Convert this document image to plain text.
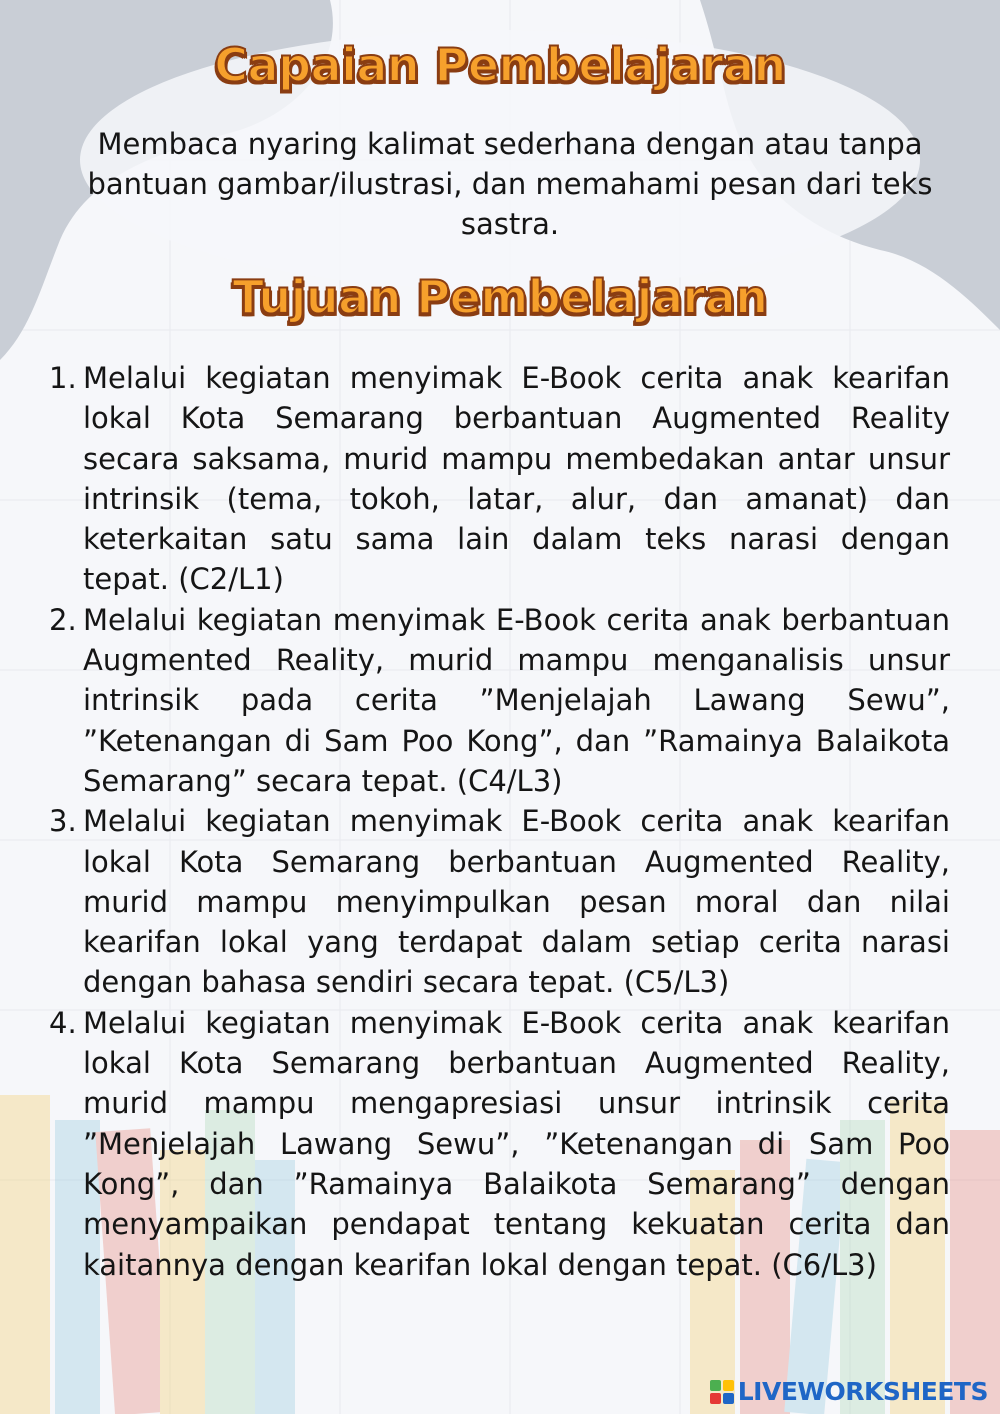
Capaian Pembelajaran

Membaca nyaring kalimat sederhana dengan atau tanpa bantuan gambar/ilustrasi, dan memahami pesan dari teks sastra.

Tujuan Pembelajaran
1. Melalui kegiatan menyimak E-Book cerita anak kearifan lokal Kota Semarang berbantuan Augmented Reality secara saksama, murid mampu membedakan antar unsur intrinsik (tema, tokoh, latar, alur, dan amanat) dan keterkaitan satu sama lain dalam teks narasi dengan tepat. (C2/L1)
2. Melalui kegiatan menyimak E-Book cerita anak berbantuan Augmented Reality, murid mampu menganalisis unsur intrinsik pada cerita ”Menjelajah Lawang Sewu”, ”Ketenangan di Sam Poo Kong”, dan ”Ramainya Balaikota Semarang” secara tepat. (C4/L3)
3. Melalui kegiatan menyimak E-Book cerita anak kearifan lokal Kota Semarang berbantuan Augmented Reality, murid mampu menyimpulkan pesan moral dan nilai kearifan lokal yang terdapat dalam setiap cerita narasi dengan bahasa sendiri secara tepat. (C5/L3)
4. Melalui kegiatan menyimak E-Book cerita anak kearifan lokal Kota Semarang berbantuan Augmented Reality, murid mampu mengapresiasi unsur intrinsik cerita ”Menjelajah Lawang Sewu”, ”Ketenangan di Sam Poo Kong”, dan ”Ramainya Balaikota Semarang” dengan menyampaikan pendapat tentang kekuatan cerita dan kaitannya dengan kearifan lokal dengan tepat. (C6/L3)
LIVEWORKSHEETS
